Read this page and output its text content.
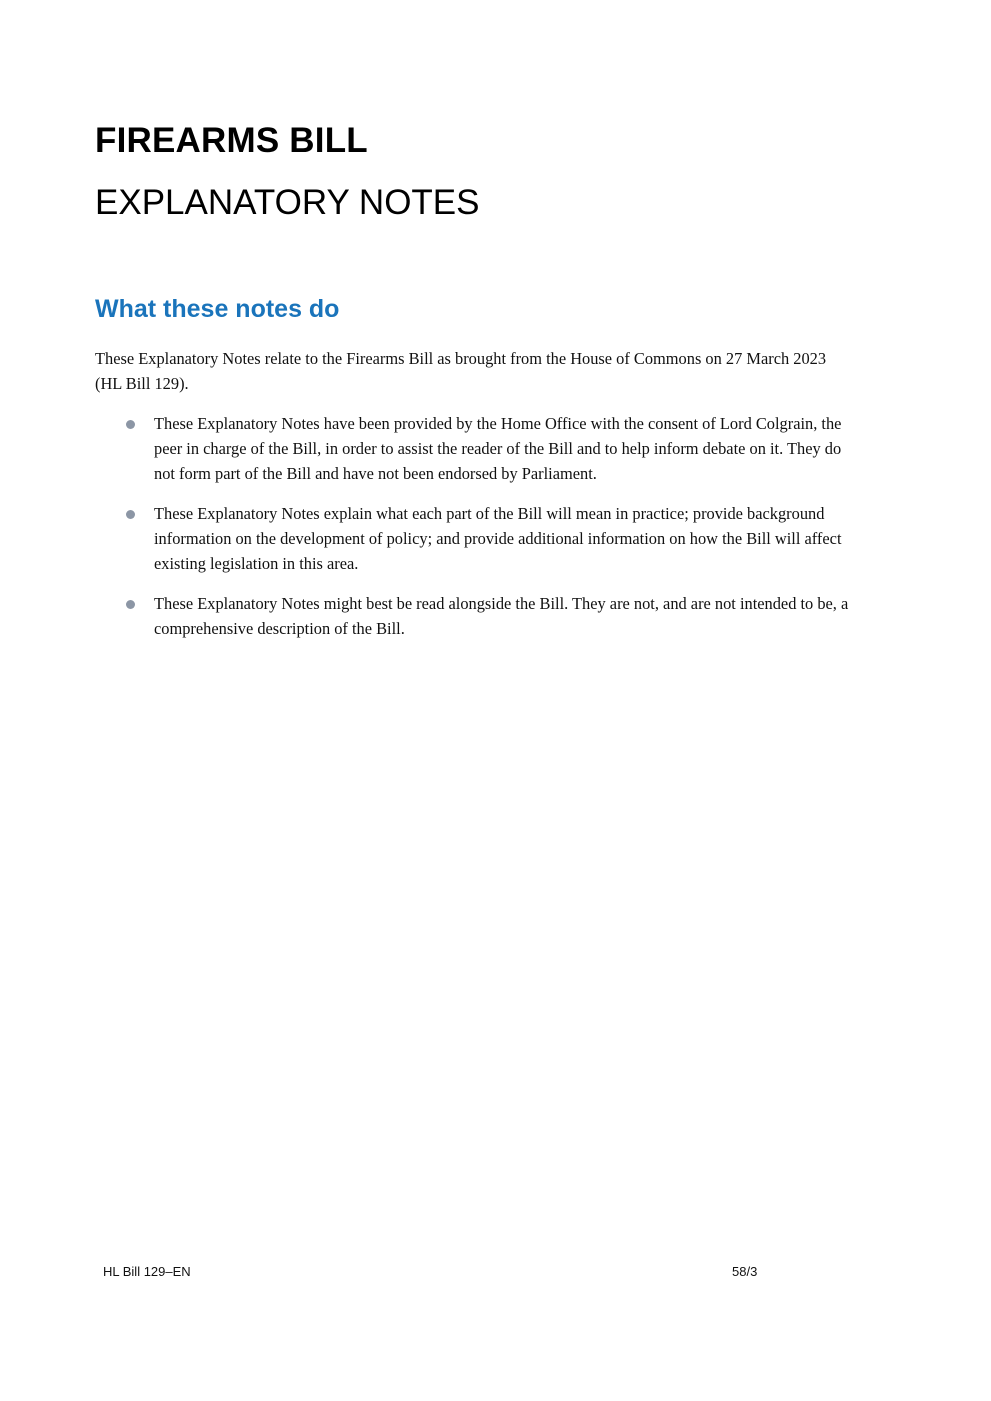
FIREARMS BILL
EXPLANATORY NOTES
What these notes do

These Explanatory Notes relate to the Firearms Bill as brought from the House of Commons on 27 March 2023 (HL Bill 129).

These Explanatory Notes have been provided by the Home Office with the consent of Lord Colgrain, the peer in charge of the Bill, in order to assist the reader of the Bill and to help inform debate on it. They do not form part of the Bill and have not been endorsed by Parliament.
These Explanatory Notes explain what each part of the Bill will mean in practice; provide background information on the development of policy; and provide additional information on how the Bill will affect existing legislation in this area.
These Explanatory Notes might best be read alongside the Bill. They are not, and are not intended to be, a comprehensive description of the Bill.
HL Bill 129–EN	58/3
